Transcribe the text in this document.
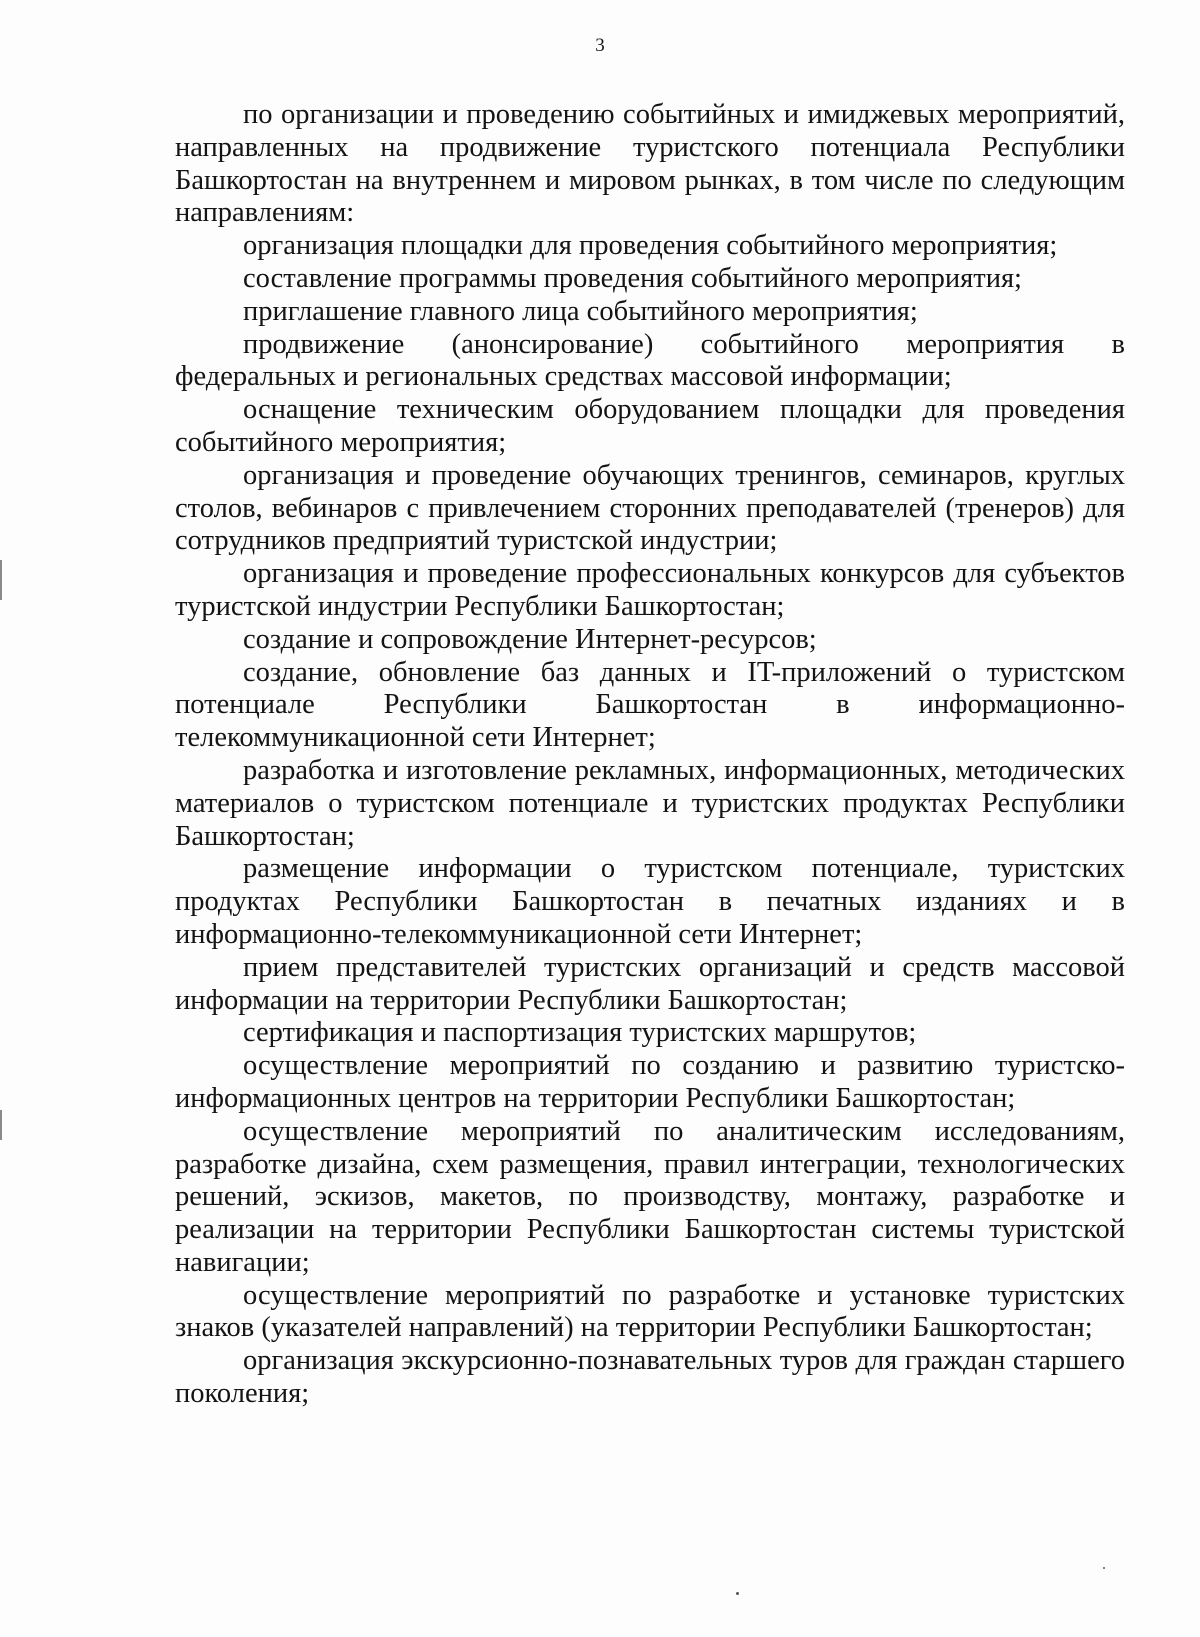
3

по организации и проведению событийных и имиджевых мероприятий, направленных на продвижение туристского потенциала Республики Башкортостан на внутреннем и мировом рынках, в том числе по следующим направлениям:

организация площадки для проведения событийного мероприятия;

составление программы проведения событийного мероприятия;

приглашение главного лица событийного мероприятия;

продвижение (анонсирование) событийного мероприятия в федеральных и региональных средствах массовой информации;

оснащение техническим оборудованием площадки для проведения событийного мероприятия;

организация и проведение обучающих тренингов, семинаров, круглых столов, вебинаров с привлечением сторонних преподавателей (тренеров) для сотрудников предприятий туристской индустрии;

организация и проведение профессиональных конкурсов для субъектов туристской индустрии Республики Башкортостан;

создание и сопровождение Интернет-ресурсов;

создание, обновление баз данных и IT-приложений о туристском потенциале Республики Башкортостан в информационно-телекоммуникационной сети Интернет;

разработка и изготовление рекламных, информационных, методических материалов о туристском потенциале и туристских продуктах Республики Башкортостан;

размещение информации о туристском потенциале, туристских продуктах Республики Башкортостан в печатных изданиях и в информационно-телекоммуникационной сети Интернет;

прием представителей туристских организаций и средств массовой информации на территории Республики Башкортостан;

сертификация и паспортизация туристских маршрутов;

осуществление мероприятий по созданию и развитию туристско-информационных центров на территории Республики Башкортостан;

осуществление мероприятий по аналитическим исследованиям, разработке дизайна, схем размещения, правил интеграции, технологических решений, эскизов, макетов, по производству, монтажу, разработке и реализации на территории Республики Башкортостан системы туристской навигации;

осуществление мероприятий по разработке и установке туристских знаков (указателей направлений) на территории Республики Башкортостан;

организация экскурсионно-познавательных туров для граждан старшего поколения;
